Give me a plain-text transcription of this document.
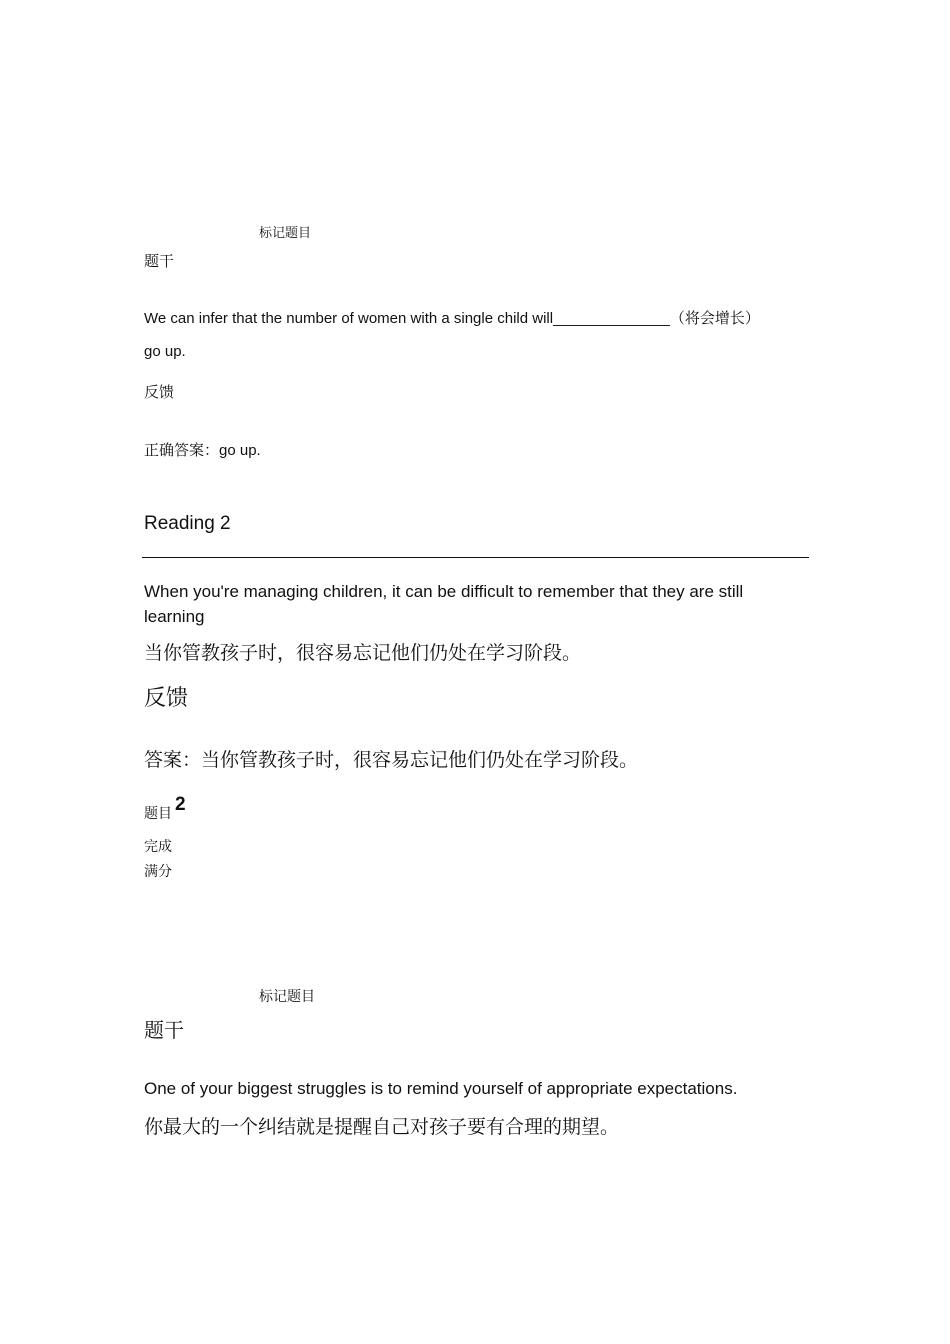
标记题目
题干
We can infer that the number of women with a single child will______________（将会增长）
go up.
反馈
正确答案：go up.
Reading 2
When you're managing children, it can be difficult to remember that they are still learning
当你管教孩子时，很容易忘记他们仍处在学习阶段。
反馈
答案：当你管教孩子时，很容易忘记他们仍处在学习阶段。
题目 2
完成
满分
标记题目
题干
One of your biggest struggles is to remind yourself of appropriate expectations.
你最大的一个纠结就是提醒自己对孩子要有合理的期望。
